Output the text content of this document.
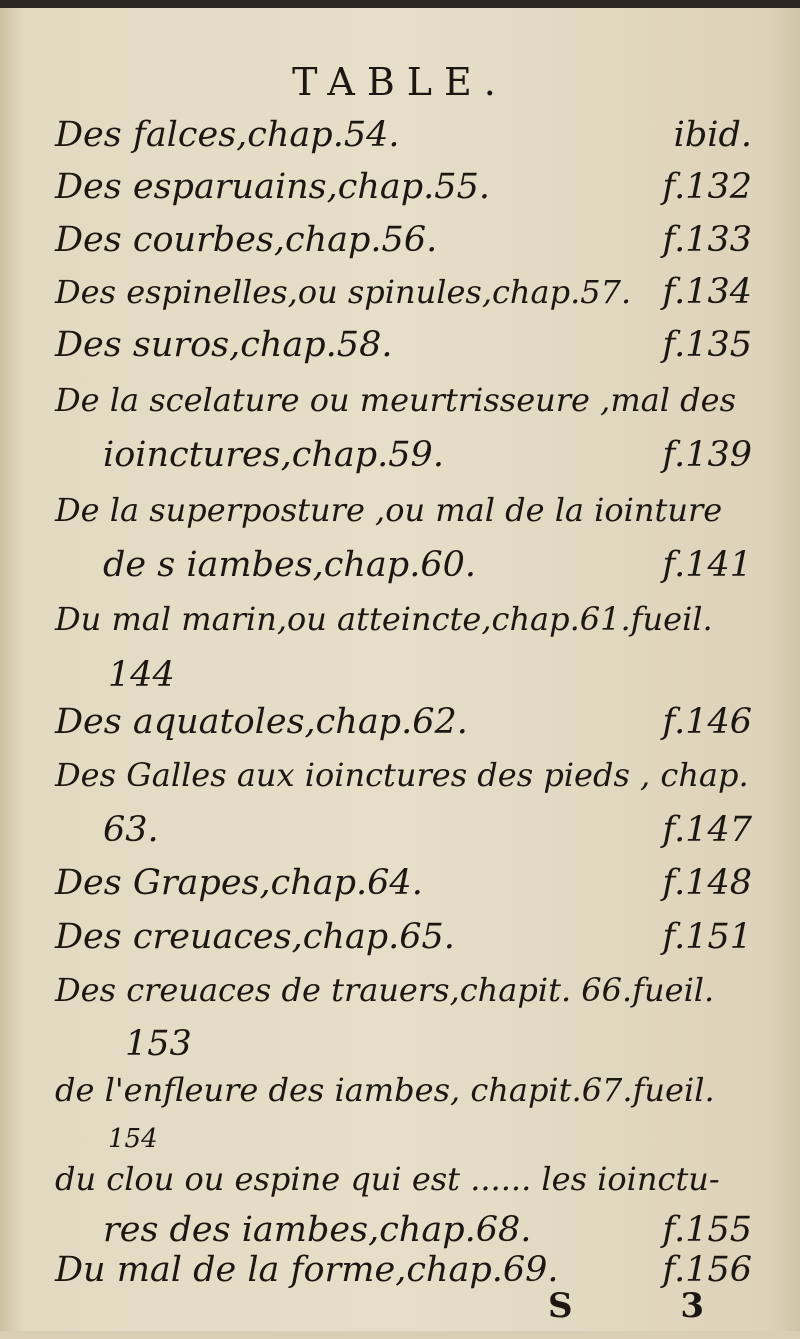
TABLE.
Des falces,chap.54.	ibid.
Des esparuains,chap.55.	f.132
Des courbes,chap.56.	f.133
Des espinelles,ou spinules,chap.57. f.134
Des suros,chap.58.	f.135
De la scelature ou meurtrisseure ,mal des
ioinctures,chap.59.	f.139
De la superposture ,ou mal de la iointure
de s iambes,chap.60.	f.141
Du mal marin,ou atteincte,chap.61.fueil.
144
Des aquatoles,chap.62.	f.146
Des Galles aux ioinctures des pieds , chap.
63.	f.147
Des Grapes,chap.64.	f.148
Des creuaces,chap.65.	f.151
Des creuaces de trauers,chapit. 66.fueil.
153
de l'enfleure des iambes, chapit.67.fueil.
154
du clou ou espine qui est ...... les ioinctu-
res des iambes,chap.68.	f.155
Du mal de la forme,chap.69.	f.156
S 3
